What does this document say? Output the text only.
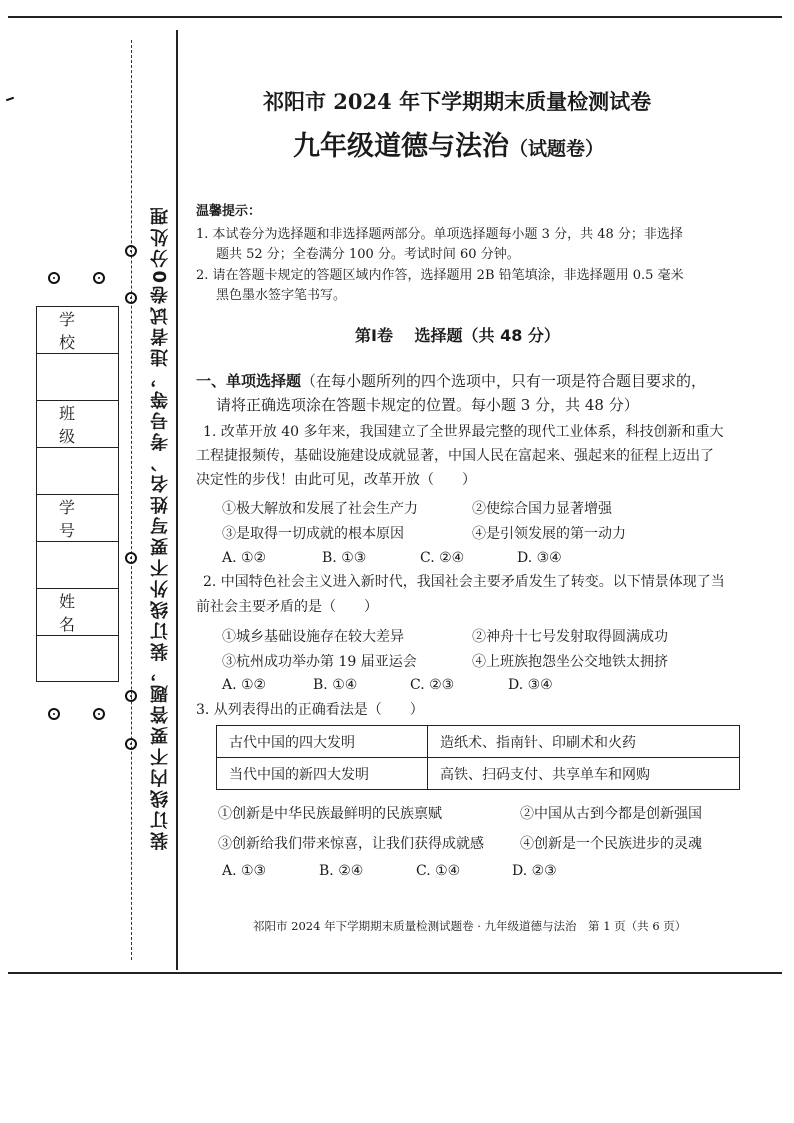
学 校
班 级
学 号
姓 名	装订线内不要答题，装订线外不要写姓名、考号等，违者试卷0分处理
祁阳市 2024 年下学期期末质量检测试卷
九年级道德与法治（试题卷）
温馨提示：
1. 本试卷分为选择题和非选择题两部分。单项选择题每小题 3 分，共 48 分；非选择
题共 52 分；全卷满分 100 分。考试时间 60 分钟。
2. 请在答题卡规定的答题区域内作答，选择题用 2B 铅笔填涂，非选择题用 0.5 毫米
黑色墨水签字笔书写。
第Ⅰ卷　 选择题（共 48 分）
一、单项选择题（在每小题所列的四个选项中，只有一项是符合题目要求的，
请将正确选项涂在答题卡规定的位置。每小题 3 分，共 48 分）
1. 改革开放 40 多年来，我国建立了全世界最完整的现代工业体系，科技创新和重大
工程捷报频传，基础设施建设成就显著，中国人民在富起来、强起来的征程上迈出了
决定性的步伐！由此可见，改革开放（　　）
①极大解放和发展了社会生产力	②使综合国力显著增强
③是取得一切成就的根本原因	④是引领发展的第一动力
A. ①②	B. ①③	C. ②④	D. ③④
2. 中国特色社会主义进入新时代，我国社会主要矛盾发生了转变。以下情景体现了当
前社会主要矛盾的是（　　）
①城乡基础设施存在较大差异	②神舟十七号发射取得圆满成功
③杭州成功举办第 19 届亚运会	④上班族抱怨坐公交地铁太拥挤
A. ①②	B. ①④	C. ②③	D. ③④
3. 从列表得出的正确看法是（　　）
古代中国的四大发明	造纸术、指南针、印刷术和火药
当代中国的新四大发明	高铁、扫码支付、共享单车和网购
①创新是中华民族最鲜明的民族禀赋	②中国从古到今都是创新强国
③创新给我们带来惊喜，让我们获得成就感	④创新是一个民族进步的灵魂
A. ①③	B. ②④	C. ①④	D. ②③
祁阳市 2024 年下学期期末质量检测试题卷 · 九年级道德与法治　第 1 页（共 6 页）
